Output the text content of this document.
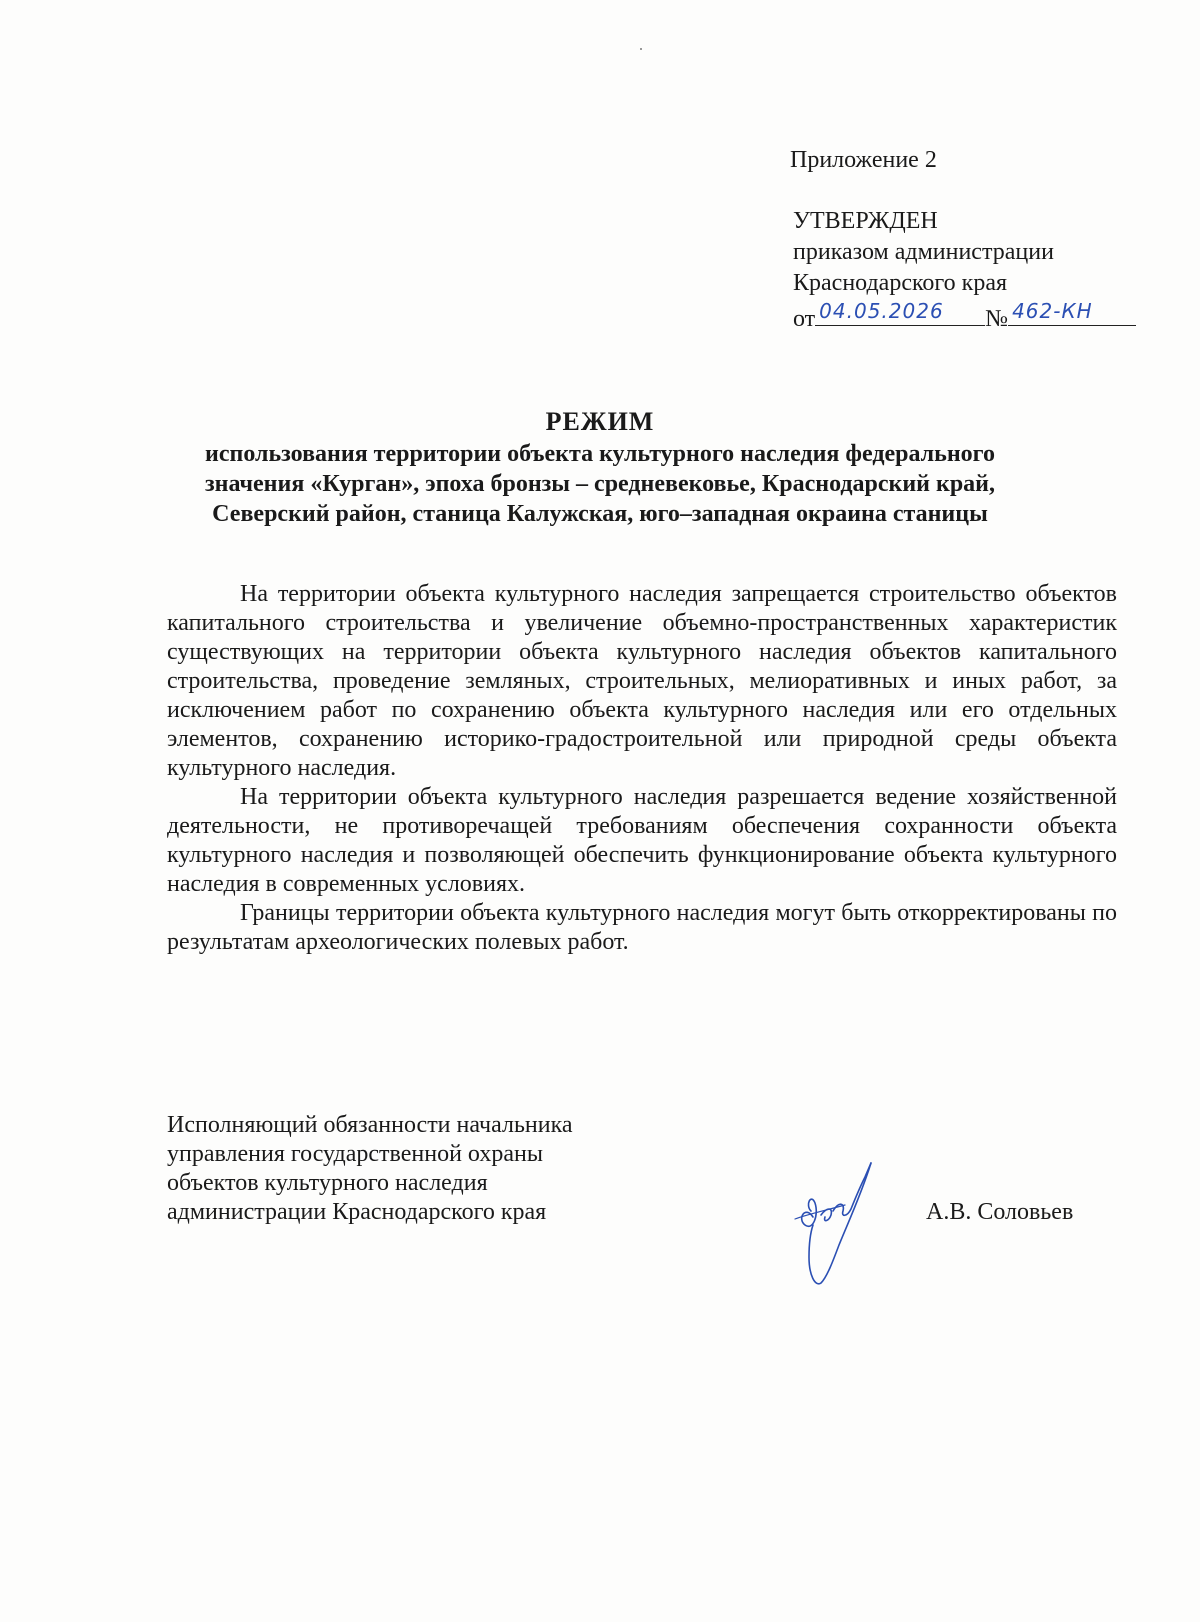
Приложение 2
УТВЕРЖДЕН
приказом администрации
Краснодарского края
от 04.05.2026 № 462-КН
РЕЖИМ
использования территории объекта культурного наследия федерального
значения «Курган», эпоха бронзы – средневековье, Краснодарский край,
Северский район, станица Калужская, юго–западная окраина станицы

На территории объекта культурного наследия запрещается строительство объектов капитального строительства и увеличение объемно-пространственных характеристик существующих на территории объекта культурного наследия объектов капитального строительства, проведение земляных, строительных, мелиоративных и иных работ, за исключением работ по сохранению объекта культурного наследия или его отдельных элементов, сохранению историко-градостроительной или природной среды объекта культурного наследия.

На территории объекта культурного наследия разрешается ведение хозяйственной деятельности, не противоречащей требованиям обеспечения сохранности объекта культурного наследия и позволяющей обеспечить функционирование объекта культурного наследия в современных условиях.

Границы территории объекта культурного наследия могут быть откорректированы по результатам археологических полевых работ.

Исполняющий обязанности начальника
управления государственной охраны
объектов культурного наследия
администрации Краснодарского края	А.В. Соловьев
